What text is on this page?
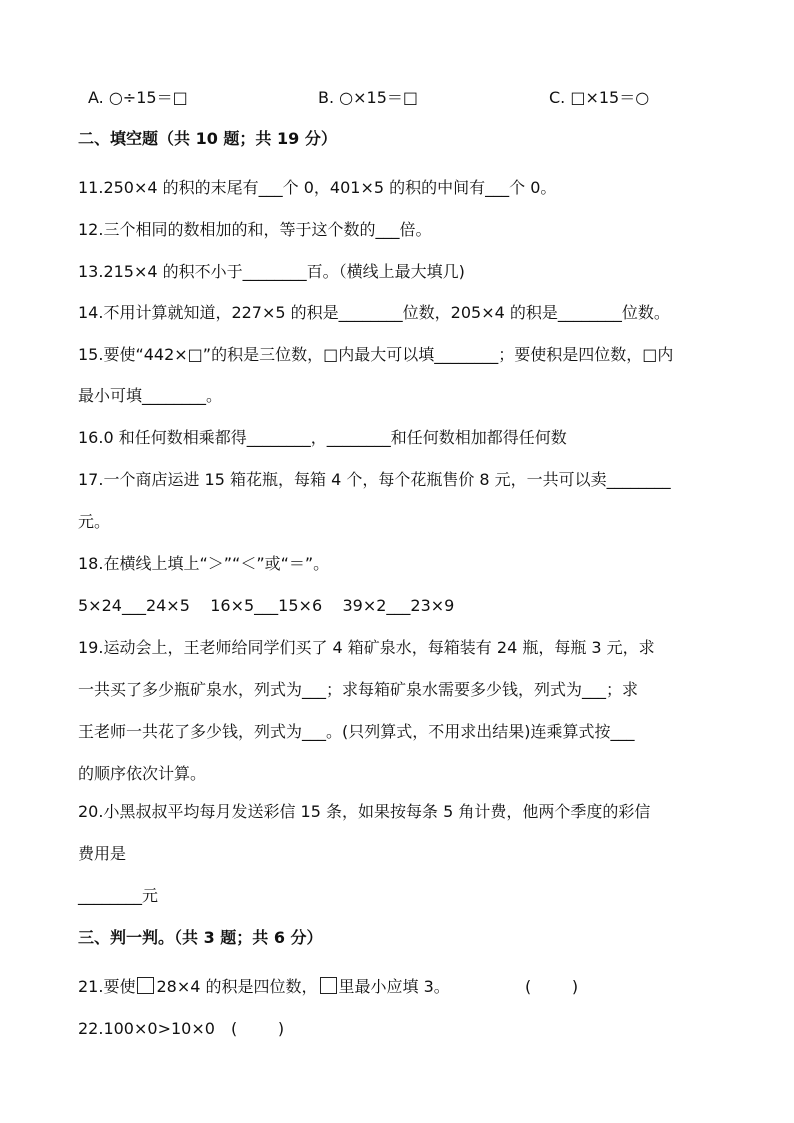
A. ○÷15＝□	B. ○×15＝□	C. □×15＝○
二、填空题（共 10 题；共 19 分）
11.250×4 的积的末尾有___个 0，401×5 的积的中间有___个 0。
12.三个相同的数相加的和，等于这个数的___倍。
13.215×4 的积不小于________百。（横线上最大填几)
14.不用计算就知道，227×5 的积是________位数，205×4 的积是________位数。
15.要使“442×□”的积是三位数，□内最大可以填________；要使积是四位数，□内
最小可填________。
16.0 和任何数相乘都得________，________和任何数相加都得任何数
17.一个商店运进 15 箱花瓶，每箱 4 个，每个花瓶售价 8 元，一共可以卖________
元。
18.在横线上填上“＞”“＜”或“＝”。
5×24___24×5    16×5___15×6    39×2___23×9
19.运动会上，王老师给同学们买了 4 箱矿泉水，每箱装有 24 瓶，每瓶 3 元，求
一共买了多少瓶矿泉水，列式为___；求每箱矿泉水需要多少钱，列式为___；求
王老师一共花了多少钱，列式为___。(只列算式，不用求出结果)连乘算式按___
的顺序依次计算。
20.小黑叔叔平均每月发送彩信 15 条，如果按每条 5 角计费，他两个季度的彩信
费用是
________元
三、判一判。（共 3 题；共 6 分）
21.要使 28×4 的积是四位数， 里最小应填 3。	(        )
22.100×0>10×0 (        )
